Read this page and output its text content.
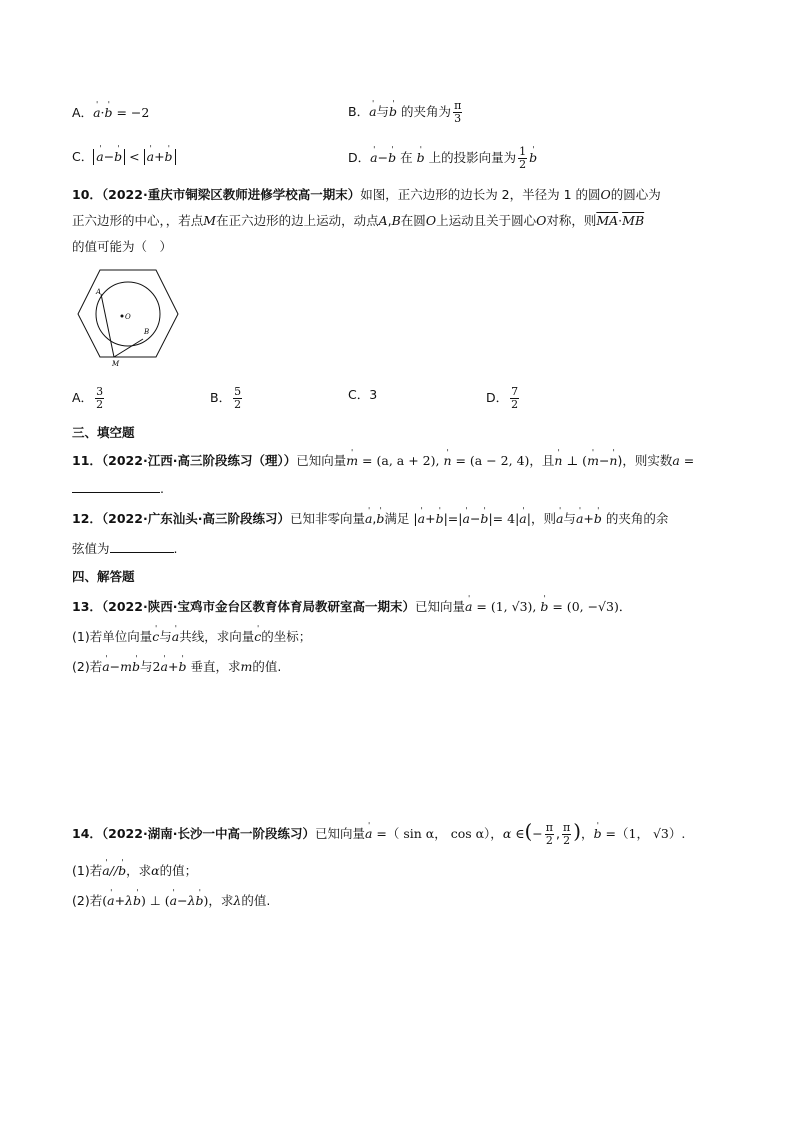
A．' a·' b = −2	B．' a与' b 的夹角为 $\frac{\pi}{3}$
C． ' a−' b < ' a+' b	D．' a−' b 在 ' b 上的投影向量为 $\frac{1}{2}$ ' b
10．（2022·重庆市铜梁区教师进修学校高一期末）如图，正六边形的边长为 2，半径为 1 的圆O的圆心为
正六边形的中心，，若点M在正六边形的边上运动，动点A,B在圆O上运动且关于圆心O对称，则$\overline{MA}\cdot\overline{MB}$
的值可能为（　）
A
O
B
M
A． $\frac{3}{2}$	B． $\frac{5}{2}$	C．3	D． $\frac{7}{2}$
三、填空题
11．（2022·江西·高三阶段练习（理））已知向量' m = (a, a + 2), ' n = (a − 2, 4)，且' n ⊥ (' m−' n)，则实数a =
.
12．（2022·广东汕头·高三阶段练习）已知非零向量' a,' b满足 |' a+' b|=|' a−' b|= 4|' a|，则' a与' a+' b 的夹角的余
弦值为	.
四、解答题
13．（2022·陕西·宝鸡市金台区教育体育局教研室高一期末）已知向量' a = (1, √3), ' b = (0, −√3)．
(1)若单位向量' c与' a共线，求向量' c的坐标；
(2)若' a−m' b与2' a+' b 垂直，求m的值.
14．（2022·湖南·长沙一中高一阶段练习）已知向量' a =（ sin α， cos α），α ∈(− $\frac{\pi}{2}$ , $\frac{\pi}{2}$ )，' b =（1， √3）.
(1)若' a//' b，求α的值；
(2)若(' a+λ' b) ⊥ (' a−λ' b)，求λ的值.
